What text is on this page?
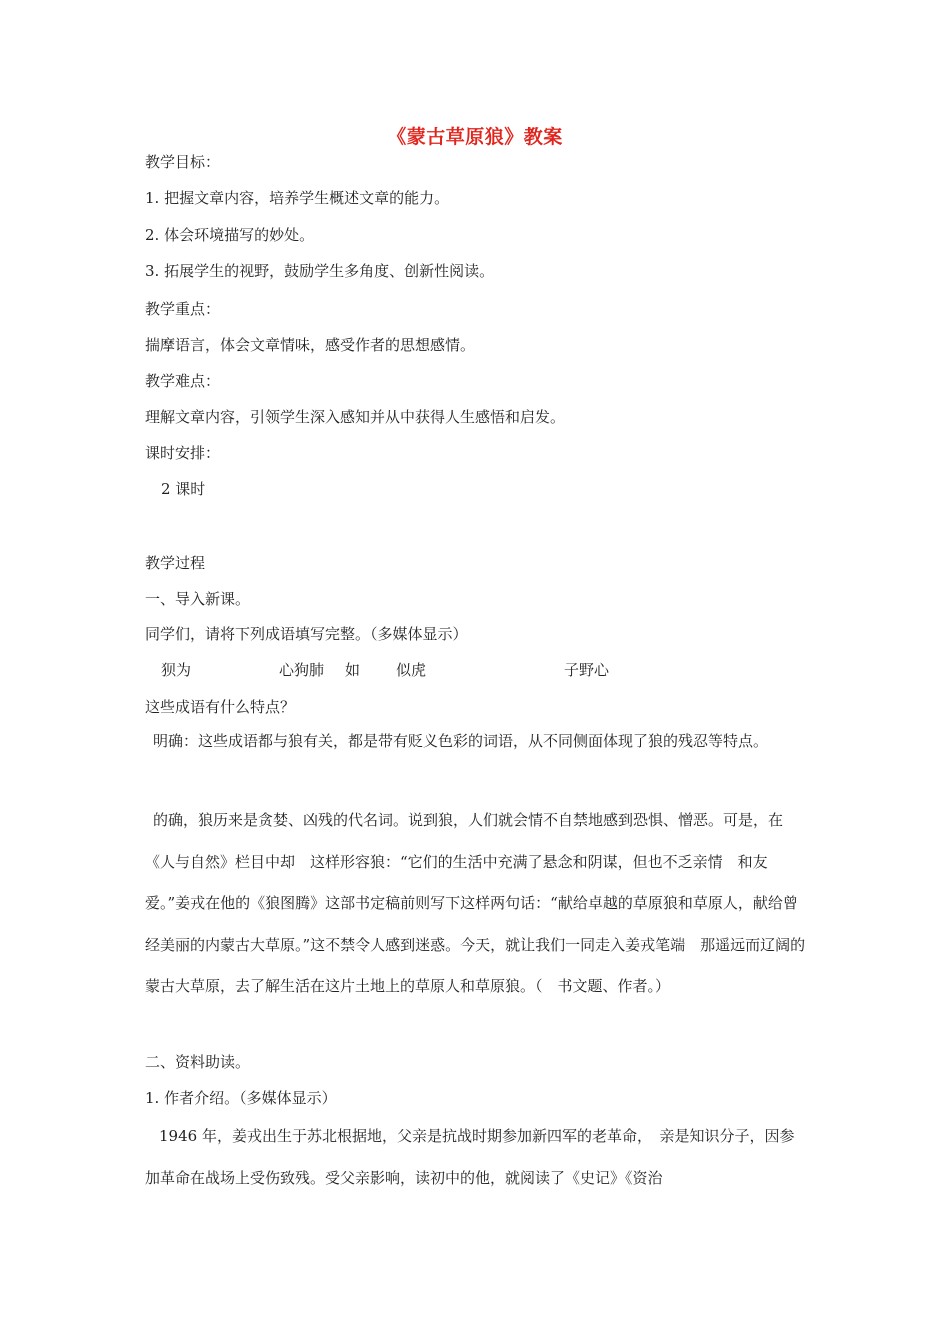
《蒙古草原狼》教案
教学目标：
1. 把握文章内容，培养学生概述文章的能力。
2. 体会环境描写的妙处。
3. 拓展学生的视野，鼓励学生多角度、创新性阅读。
教学重点：
揣摩语言，体会文章情味，感受作者的思想感情。
教学难点：
理解文章内容，引领学生深入感知并从中获得人生感悟和启发。
课时安排：
2 课时
教学过程
一、导入新课。
同学们，请将下列成语填写完整。（多媒体显示）
狈为	心狗肺 如 似虎	子野心
这些成语有什么特点？
明确：这些成语都与狼有关，都是带有贬义色彩的词语，从不同侧面体现了狼的残忍等特点。
的确，狼历来是贪婪、凶残的代名词。说到狼，人们就会情不自禁地感到恐惧、憎恶。可是，在《人与自然》栏目中却　这样形容狼：“它们的生活中充满了悬念和阴谋，但也不乏亲情　和友爱。”姜戎在他的《狼图腾》这部书定稿前则写下这样两句话：“献给卓越的草原狼和草原人，献给曾经美丽的内蒙古大草原。”这不禁令人感到迷惑。今天，就让我们一同走入姜戎笔端　那遥远而辽阔的蒙古大草原，去了解生活在这片土地上的草原人和草原狼。（　书文题、作者。）
二、资料助读。
1. 作者介绍。（多媒体显示）
1946 年，姜戎出生于苏北根据地，父亲是抗战时期参加新四军的老革命，　亲是知识分子，因参加革命在战场上受伤致残。受父亲影响，读初中的他，就阅读了《史记》《资治
